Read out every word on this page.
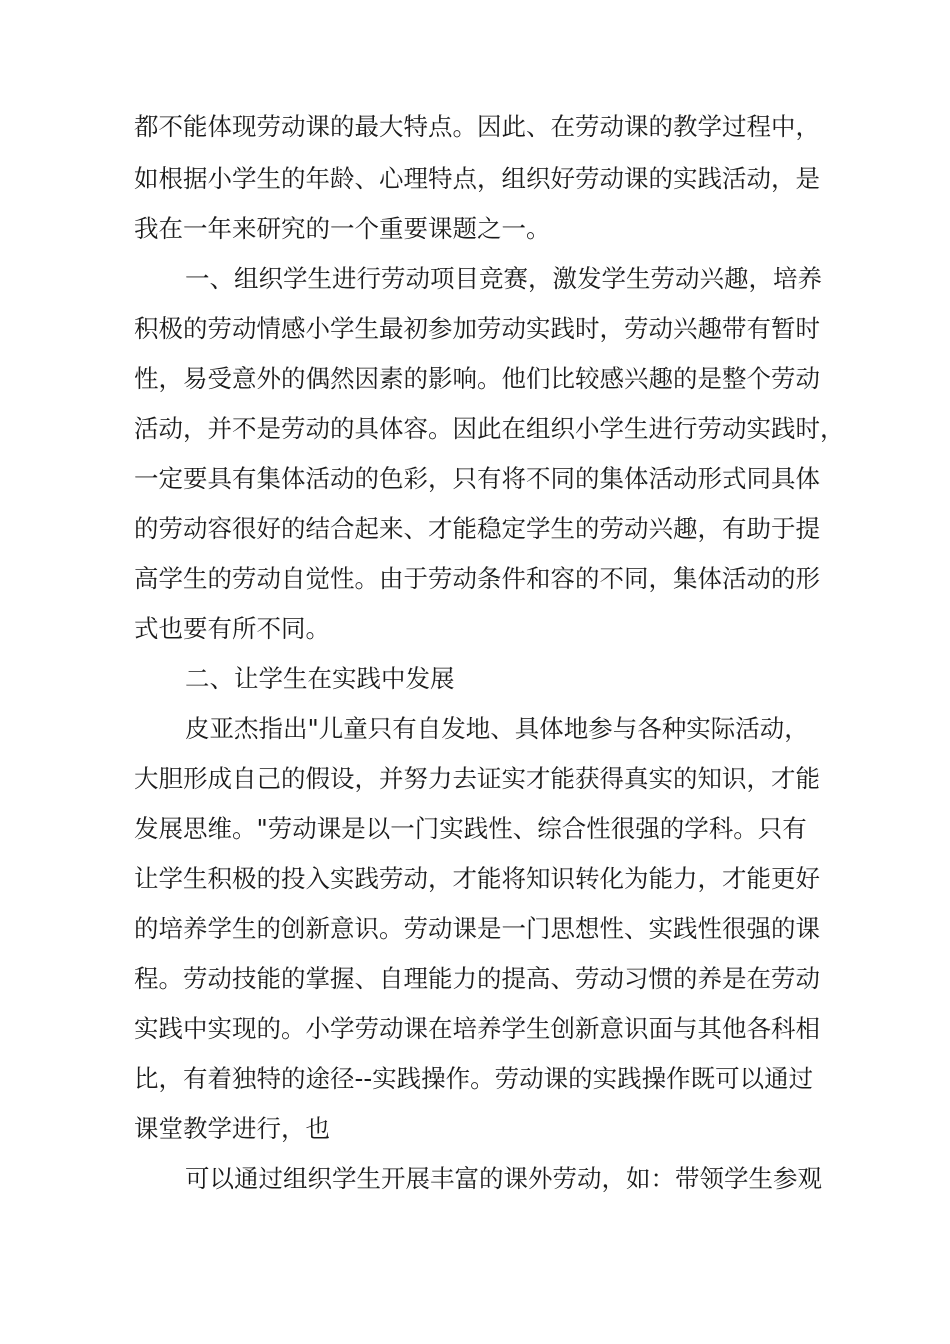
都不能体现劳动课的最大特点。因此、在劳动课的教学过程中，
如根据小学生的年龄、心理特点，组织好劳动课的实践活动，是
我在一年来研究的一个重要课题之一。
一、组织学生进行劳动项目竞赛，激发学生劳动兴趣，培养
积极的劳动情感小学生最初参加劳动实践时，劳动兴趣带有暂时
性，易受意外的偶然因素的影响。他们比较感兴趣的是整个劳动
活动，并不是劳动的具体容。因此在组织小学生进行劳动实践时，
一定要具有集体活动的色彩，只有将不同的集体活动形式同具体
的劳动容很好的结合起来、才能稳定学生的劳动兴趣，有助于提
高学生的劳动自觉性。由于劳动条件和容的不同，集体活动的形
式也要有所不同。
二、让学生在实践中发展
皮亚杰指出"儿童只有自发地、具体地参与各种实际活动，
大胆形成自己的假设，并努力去证实才能获得真实的知识，才能
发展思维。"劳动课是以一门实践性、综合性很强的学科。只有
让学生积极的投入实践劳动，才能将知识转化为能力，才能更好
的培养学生的创新意识。劳动课是一门思想性、实践性很强的课
程。劳动技能的掌握、自理能力的提高、劳动习惯的养是在劳动
实践中实现的。小学劳动课在培养学生创新意识面与其他各科相
比，有着独特的途径--实践操作。劳动课的实践操作既可以通过
课堂教学进行，也
可以通过组织学生开展丰富的课外劳动，如：带领学生参观
